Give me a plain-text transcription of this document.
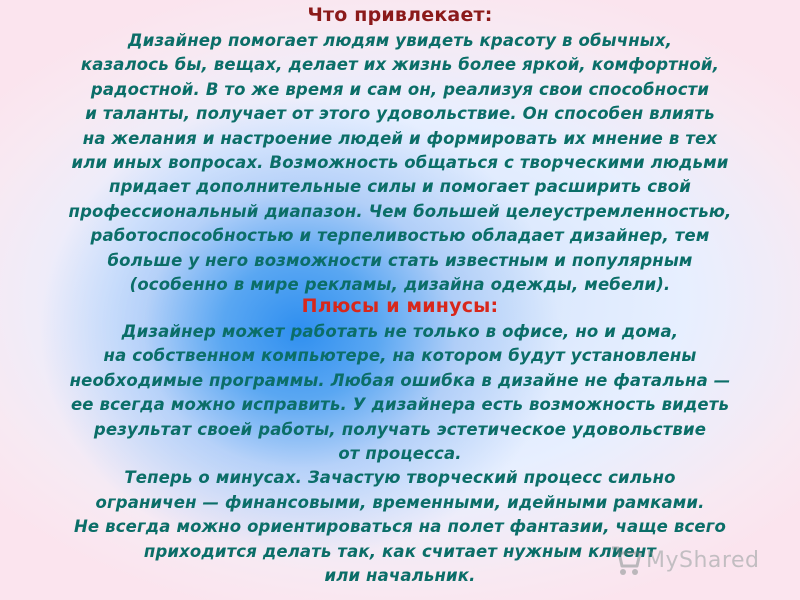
Что привлекает:
Дизайнер помогает людям увидеть красоту в обычных,
казалось бы, вещах, делает их жизнь более яркой, комфортной,
радостной. В то же время и сам он, реализуя свои способности
и таланты, получает от этого удовольствие. Он способен влиять
на желания и настроение людей и формировать их мнение в тех
или иных вопросах. Возможность общаться с творческими людьми
придает дополнительные силы и помогает расширить свой
профессиональный диапазон. Чем большей целеустремленностью,
работоспособностью и терпеливостью обладает дизайнер, тем
больше у него возможности стать известным и популярным
(особенно в мире рекламы, дизайна одежды, мебели).
Плюсы и минусы:
Дизайнер может работать не только в офисе, но и дома,
на собственном компьютере, на котором будут установлены
необходимые программы. Любая ошибка в дизайне не фатальна —
ее всегда можно исправить. У дизайнера есть возможность видеть
результат своей работы, получать эстетическое удовольствие
от процесса.
Теперь о минусах. Зачастую творческий процесс сильно
ограничен — финансовыми, временными, идейными рамками.
Не всегда можно ориентироваться на полет фантазии, чаще всего
приходится делать так, как считает нужным клиент
или начальник.
MyShared
